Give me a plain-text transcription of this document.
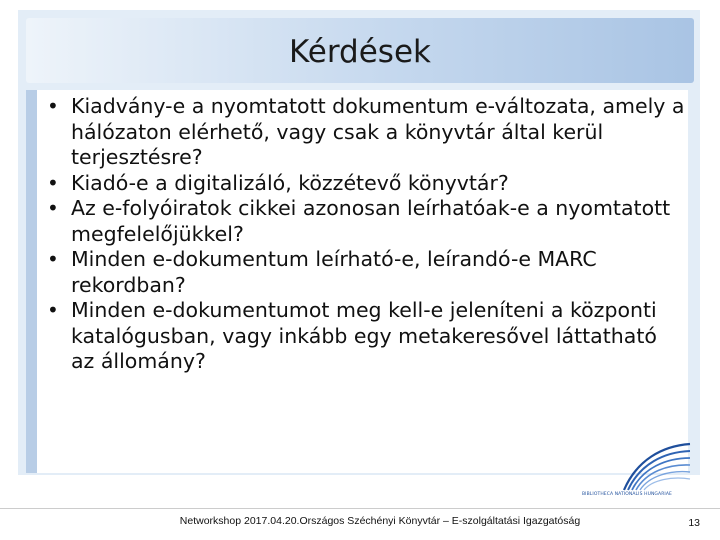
Kérdések
• Kiadvány-e a nyomtatott dokumentum e-változata, amely a hálózaton elérhető, vagy csak a könyvtár által kerül terjesztésre?
• Kiadó-e a digitalizáló, közzétevő könyvtár?
• Az e-folyóiratok cikkei azonosan leírhatóak-e a nyomtatott megfelelőjükkel?
• Minden e-dokumentum leírható-e, leírandó-e MARC rekordban?
• Minden e-dokumentumot meg kell-e jeleníteni a központi katalógusban, vagy inkább egy metakeresővel láttatható az állomány?
BIBLIOTHECA NATIONALIS HUNGARIAE
Networkshop 2017.04.20.Országos Széchényi Könyvtár – E-szolgáltatási Igazgatóság	13
